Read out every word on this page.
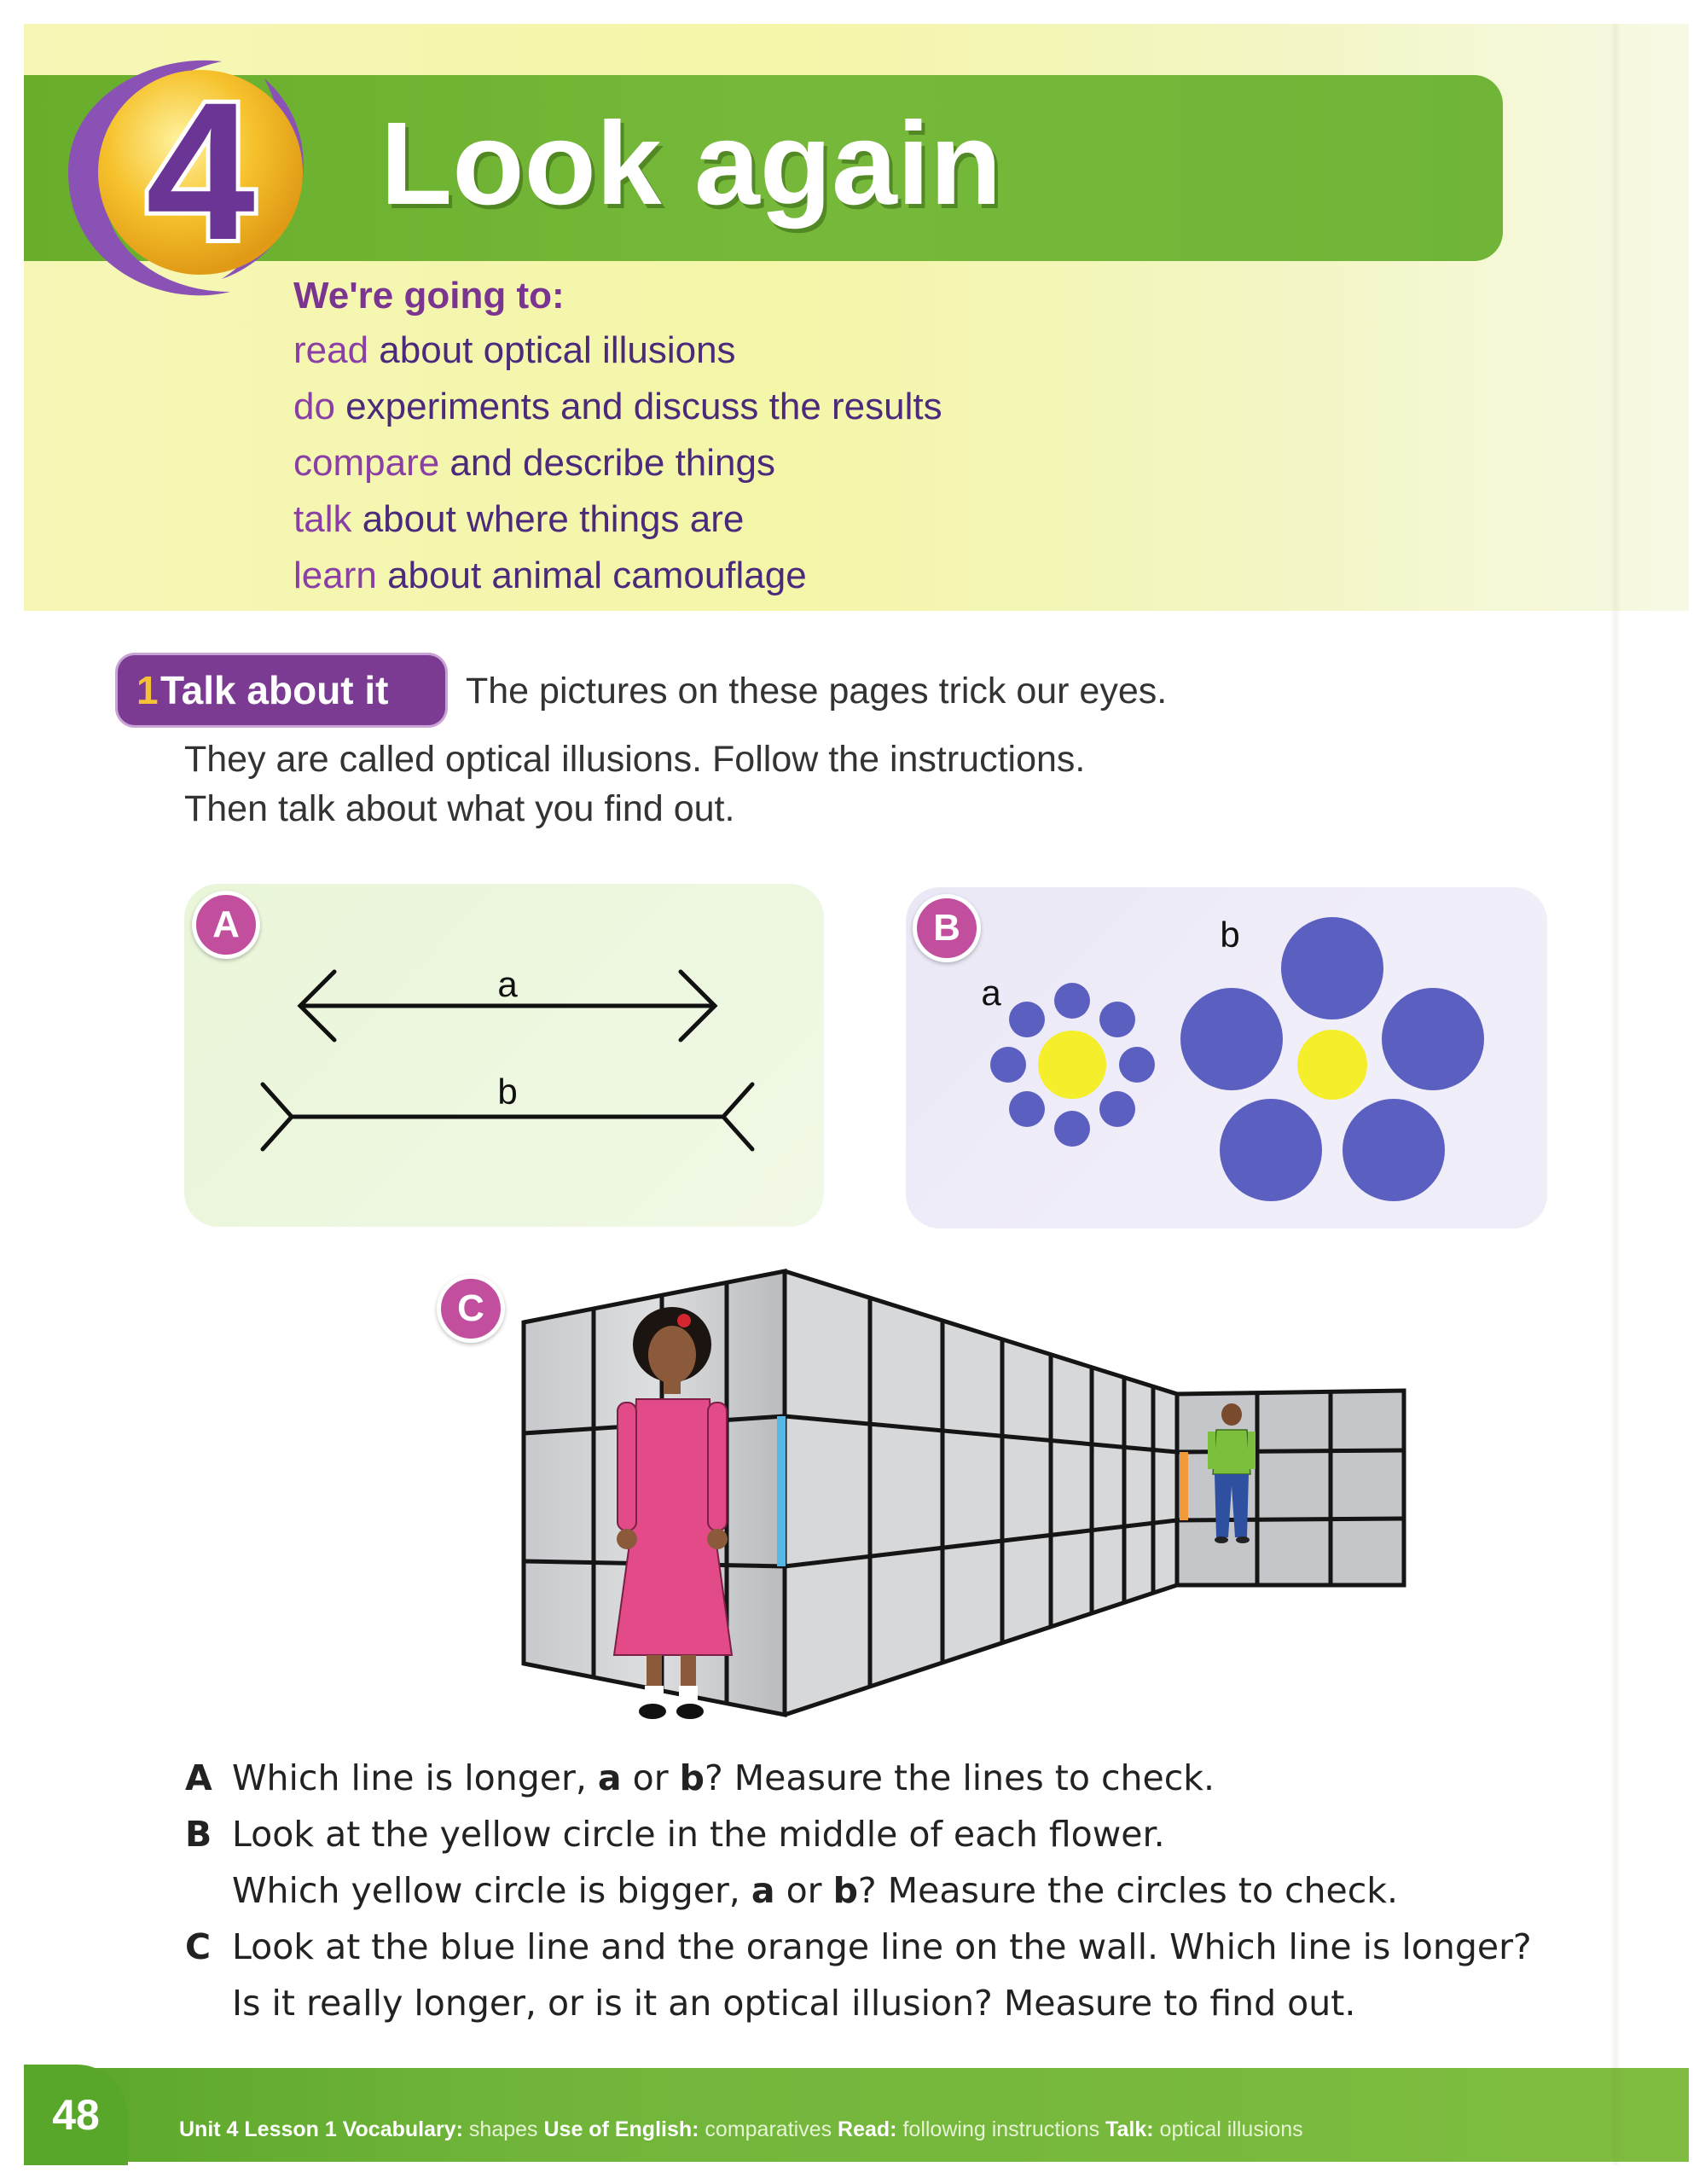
4 Look again
We're going to:
read about optical illusions
do experiments and discuss the results
compare and describe things
talk about where things are
learn about animal camouflage
1Talk about it	The pictures on these pages trick our eyes.
They are called optical illusions. Follow the instructions.
Then talk about what you find out.
A
a
b
B
a
b
C
A Which line is longer, a or b? Measure the lines to check.
B Look at the yellow circle in the middle of each flower.
Which yellow circle is bigger, a or b? Measure the circles to check.
C Look at the blue line and the orange line on the wall. Which line is longer?
Is it really longer, or is it an optical illusion? Measure to find out.
48	Unit 4 Lesson 1 Vocabulary: shapes Use of English: comparatives Read: following instructions Talk: optical illusions
